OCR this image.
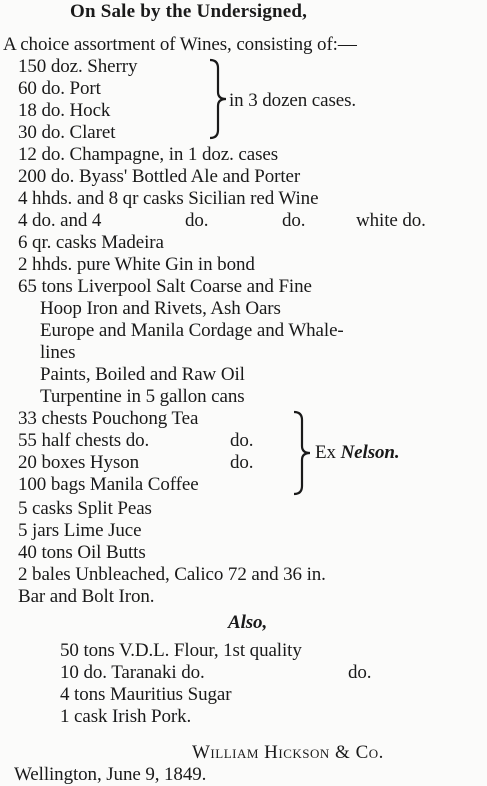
On Sale by the Undersigned,
A choice assortment of Wines, consisting of:—
150 doz. Sherry
60 do. Port
18 do. Hock
30 do. Claret
in 3 dozen cases.
12 do. Champagne, in 1 doz. cases
200 do. Byass' Bottled Ale and Porter
4 hhds. and 8 qr casks Sicilian red Wine
4 do. and 4	do.	do.	white do.
6 qr. casks Madeira
2 hhds. pure White Gin in bond
65 tons Liverpool Salt Coarse and Fine
Hoop Iron and Rivets, Ash Oars
Europe and Manila Cordage and Whale-
lines
Paints, Boiled and Raw Oil
Turpentine in 5 gallon cans
33 chests Pouchong Tea
55 half chests do.	do.
20 boxes Hyson	do.
100 bags Manila Coffee
Ex Nelson.
5 casks Split Peas
5 jars Lime Juce
40 tons Oil Butts
2 bales Unbleached, Calico 72 and 36 in.
Bar and Bolt Iron.
Also,
50 tons V.D.L. Flour, 1st quality
10 do. Taranaki do.	do.
4 tons Mauritius Sugar
1 cask Irish Pork.
William Hickson & Co.
Wellington, June 9, 1849.
